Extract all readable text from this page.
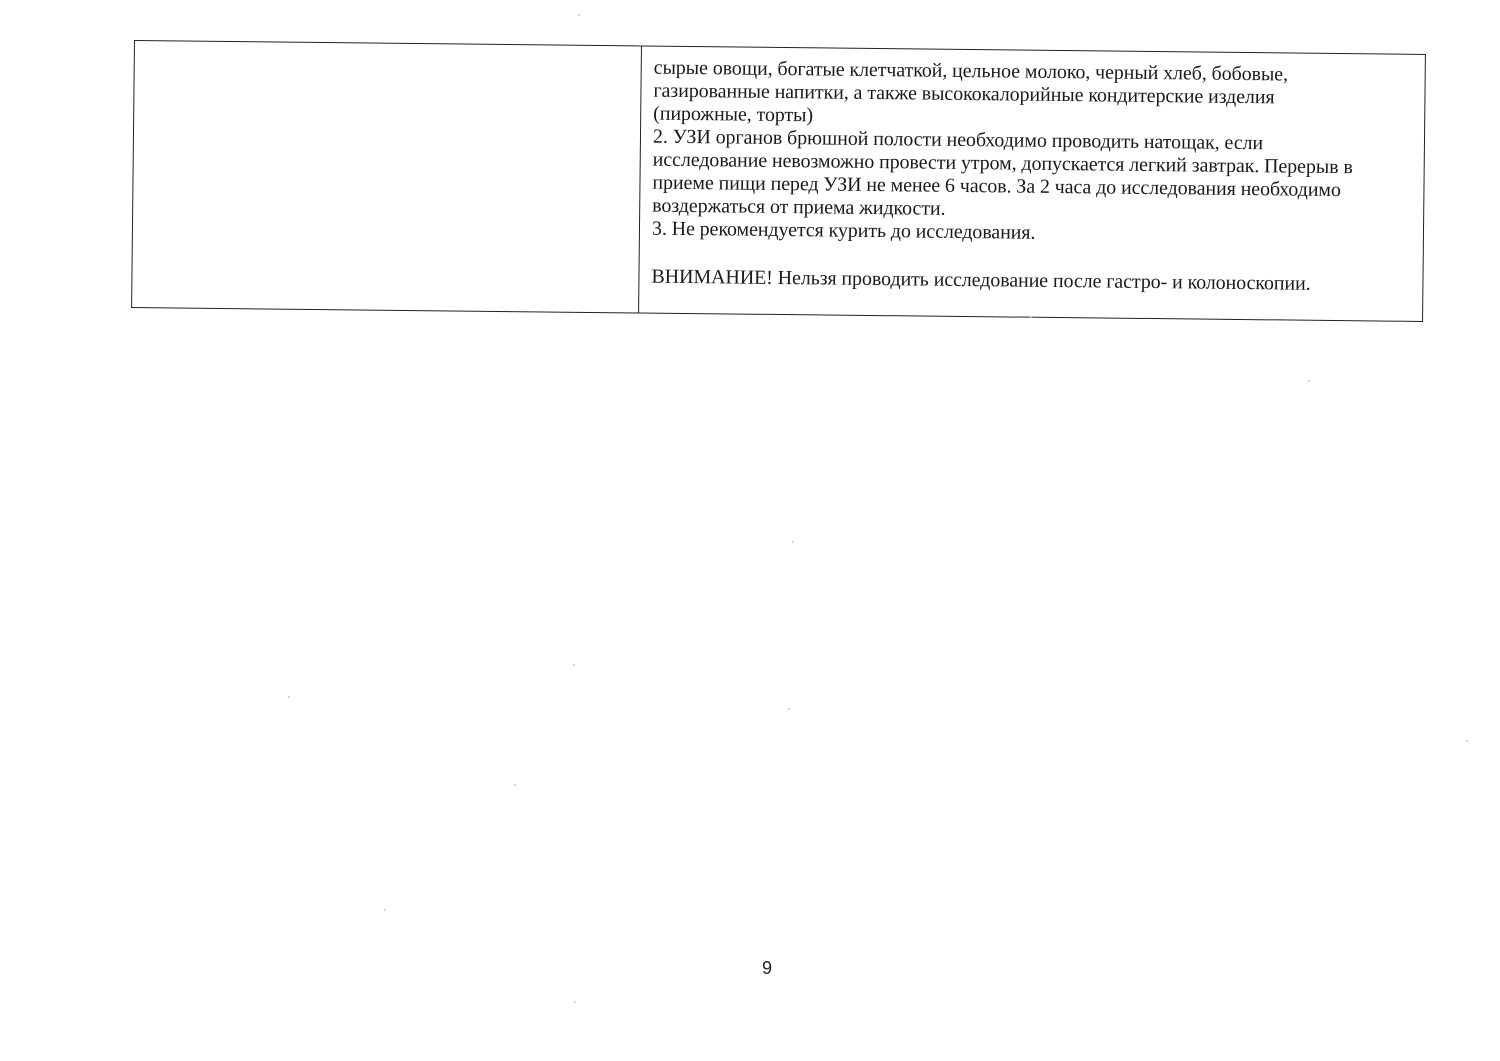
сырые овощи, богатые клетчаткой, цельное молоко, черный хлеб, бобовые,
газированные напитки, а также высококалорийные кондитерские изделия
(пирожные, торты)
2. УЗИ органов брюшной полости необходимо проводить натощак, если
исследование невозможно провести утром, допускается легкий завтрак. Перерыв в
приеме пищи перед УЗИ не менее 6 часов. За 2 часа до исследования необходимо
воздержаться от приема жидкости.
3. Не рекомендуется курить до исследования.
ВНИМАНИЕ! Нельзя проводить исследование после гастро- и колоноскопии.
9
